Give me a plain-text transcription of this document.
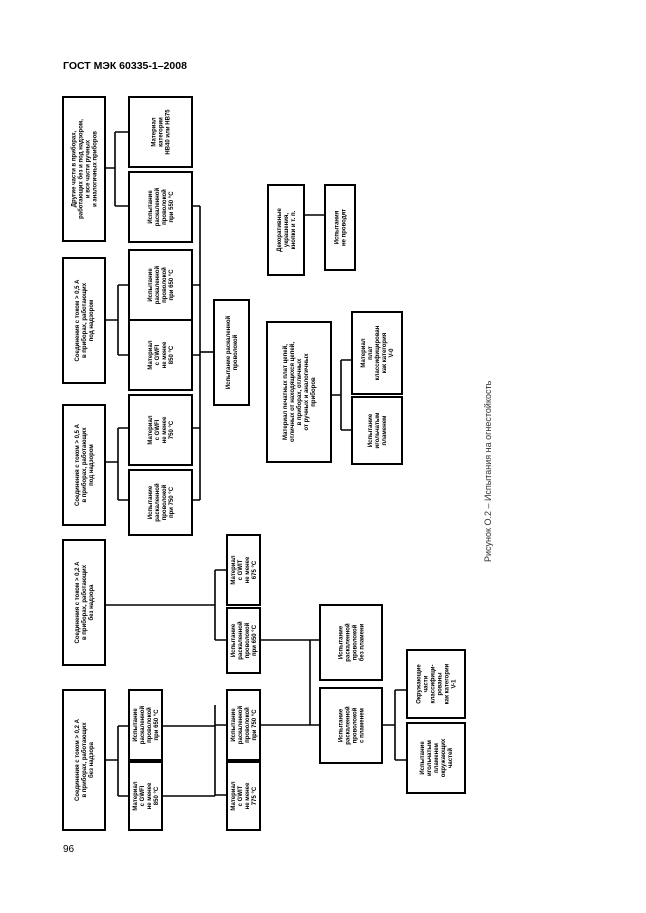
ГОСТ МЭК 60335-1–2008
96
Рисунок О.2 – Испытания на огнестойкость
Другие части в приборах,работающих без и под надзором,и все части ручныхи аналогичных приборов	МатериалкатегорииHB40 или HB75
Испытаниераскаленнойпроволокойпри 550 °С
Соединения с током > 0,5 Ав приборах, работающихпод надзором
Испытаниераскаленнойпроволокойпри 650 °С
Материалс GWFIне менее850 °С
Соединения с током > 0,5 Ав приборах, работающихпод надзором
Материалс GWFIне менее750 °С
Испытаниераскаленнойпроволокойпри 750 °С
Соединения с током > 0,2 Ав приборах, работающихбез надзора
Материалс GWITне менее675 °С
Испытаниераскаленнойпроволокойпри 650 °С
Соединения с током > 0,2 Ав приборах, работающихбез надзора
Испытаниераскаленнойпроволокойпри 650 °С
Материалс GWFIне менее850 °С
Испытаниераскаленнойпроволокойпри 750 °С
Материалс GWITне менее775 °С
Испытаниераскаленнойпроволокойбез пламени
Испытаниераскаленнойпроволокойс пламенем
Окружающиечастиклассифици-рованыкак категорииV-1
Испытаниеигольчатымпламенемокружающихчастей
Испытание раскаленнойпроволокой
Декоративныеукрашения,кнопки и т. п.	Испытанияне проводят
Материал печатных плат цепей,отличных от находящихся цепей,в приборах, отличныхот ручных и аналогичныхприборов
Материалплатклассифицированкак категорияV-0
Испытаниеигольчатымпламенем
